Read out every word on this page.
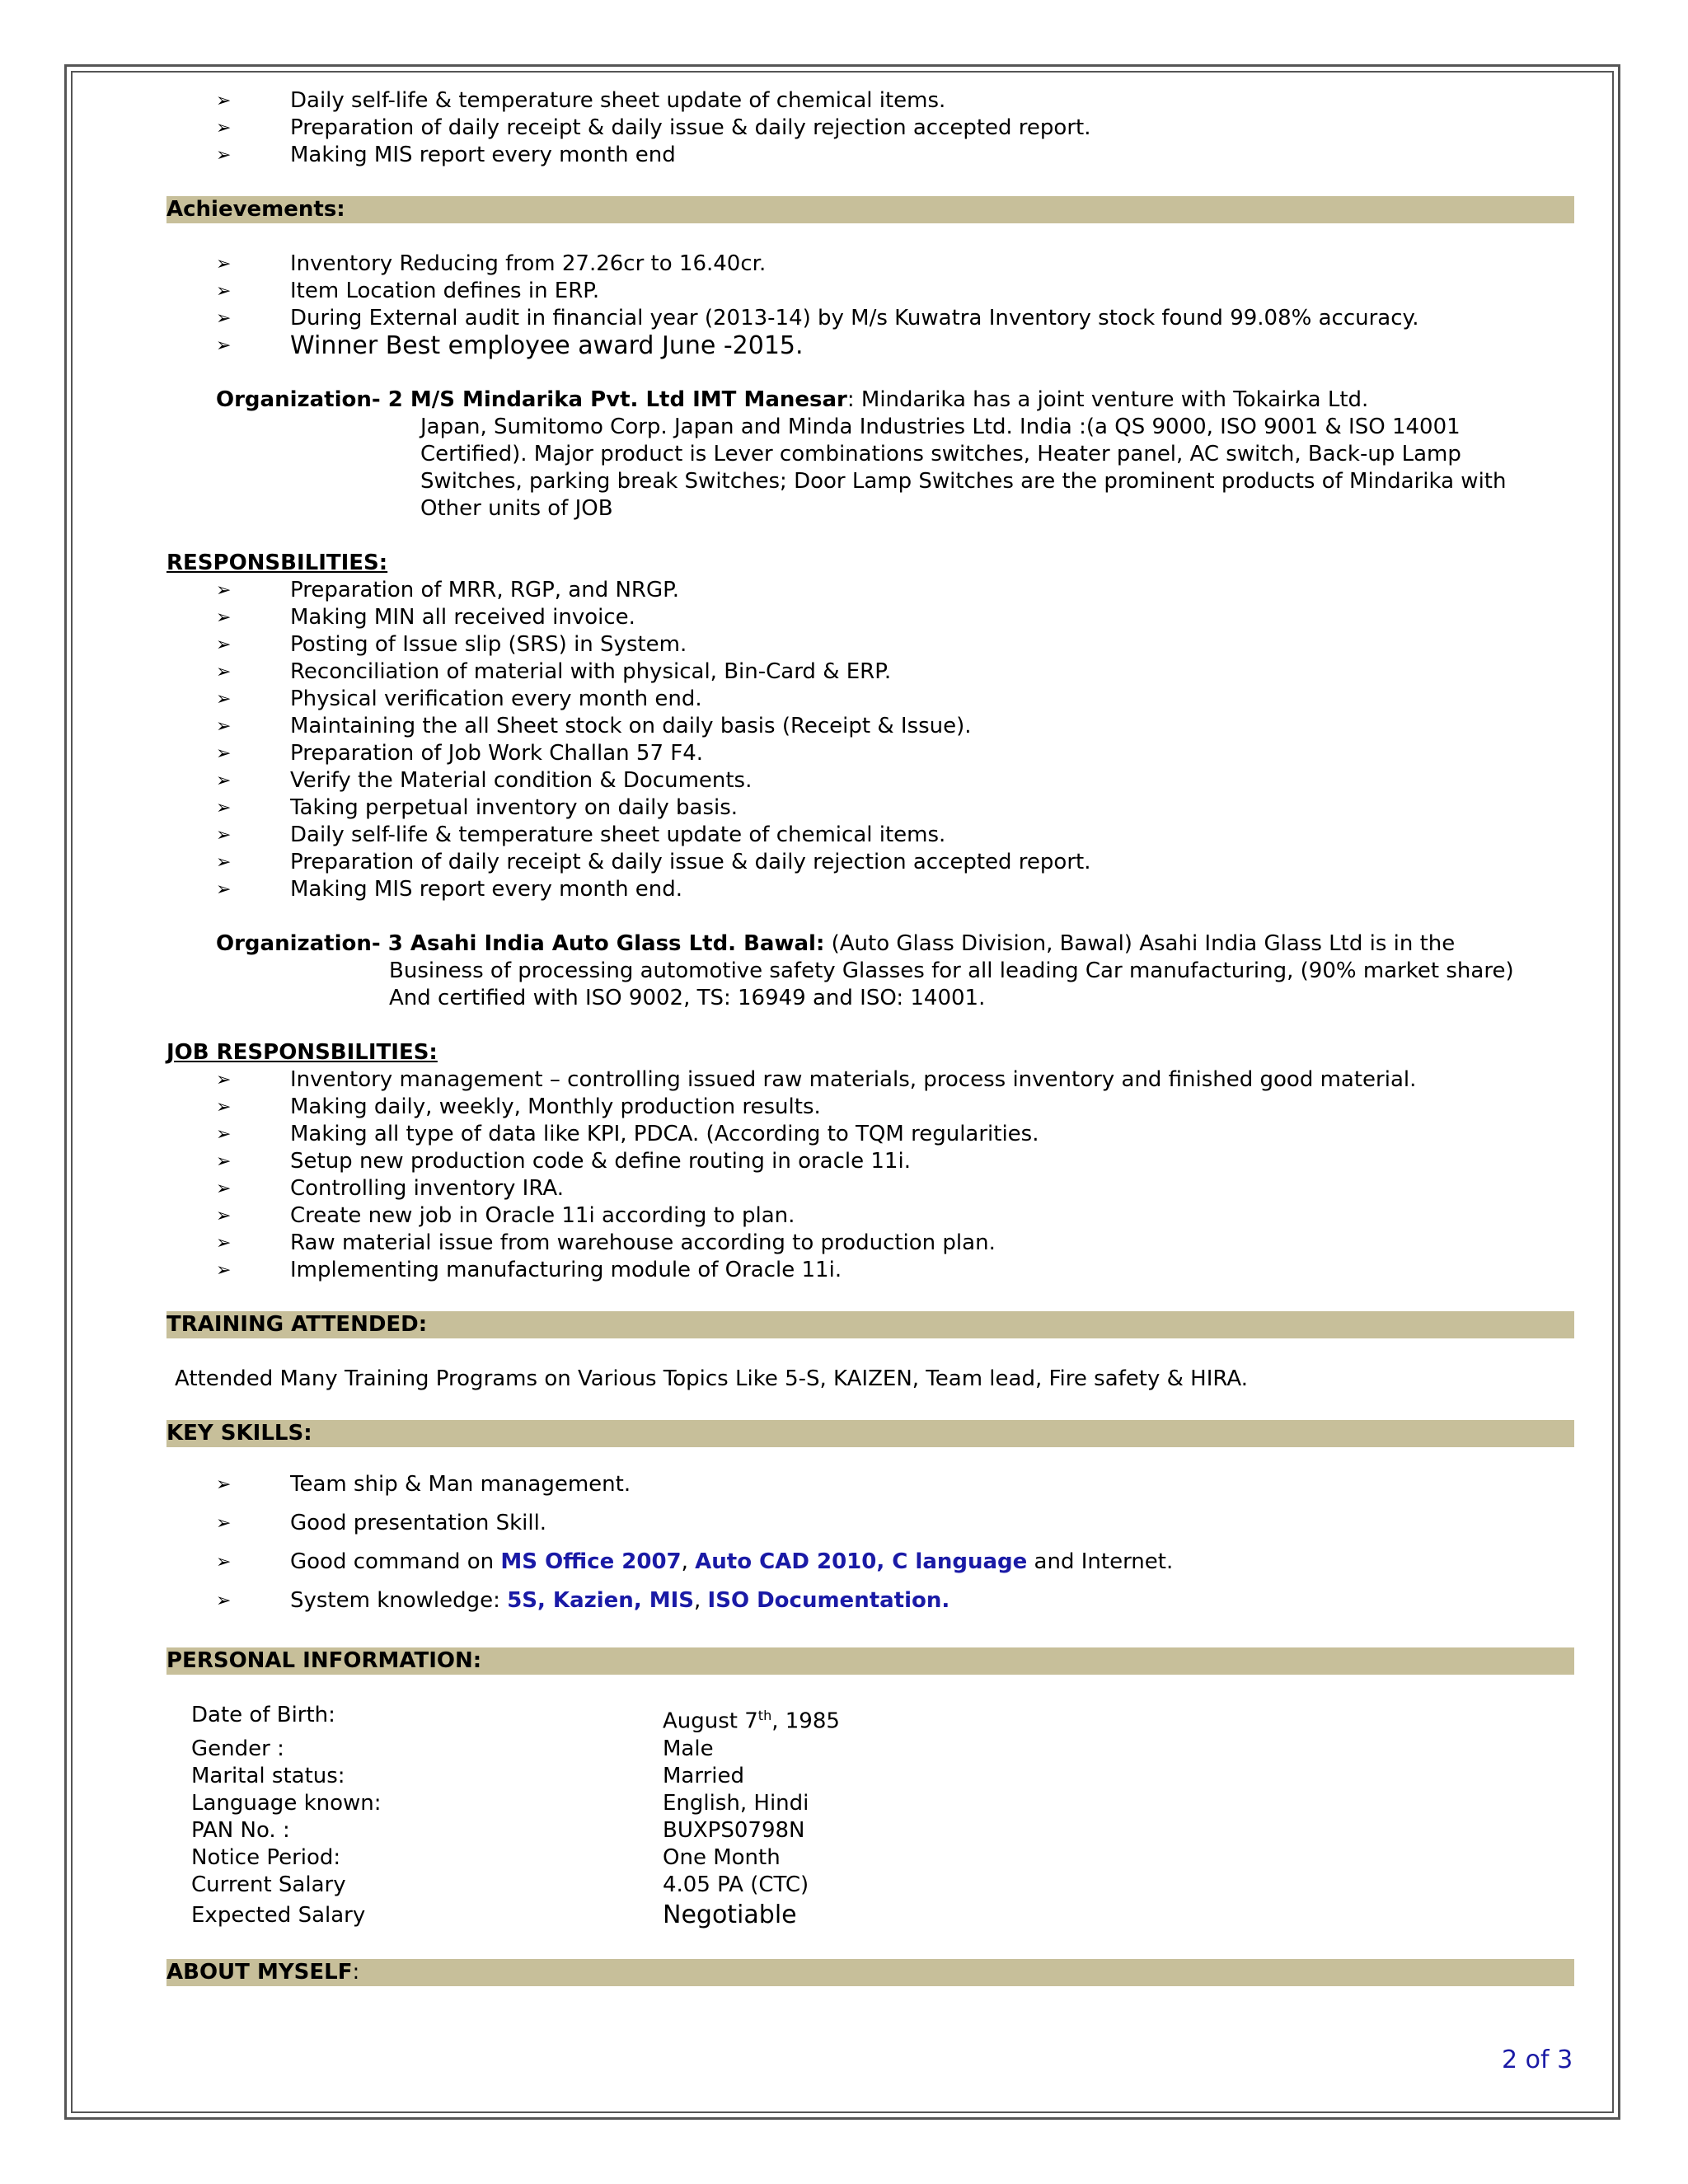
➢	Daily self-life & temperature sheet update of chemical items.
➢	Preparation of daily receipt & daily issue & daily rejection accepted report.
➢	Making MIS report every month end
Achievements:
➢	Inventory Reducing from 27.26cr to 16.40cr.
➢	Item Location defines in ERP.
➢	During External audit in financial year (2013-14) by M/s Kuwatra Inventory stock found 99.08% accuracy.
➢ Winner Best employee award June -2015.
Organization- 2 M/S Mindarika Pvt. Ltd IMT Manesar: Mindarika has a joint venture with Tokairka Ltd.
Japan, Sumitomo Corp. Japan and Minda Industries Ltd. India :(a QS 9000, ISO 9001 & ISO 14001
Certified). Major product is Lever combinations switches, Heater panel, AC switch, Back-up Lamp
Switches, parking break Switches; Door Lamp Switches are the prominent products of Mindarika with
Other units of JOB
RESPONSBILITIES:
➢	Preparation of MRR, RGP, and NRGP.
➢	Making MIN all received invoice.
➢	Posting of Issue slip (SRS) in System.
➢	Reconciliation of material with physical, Bin-Card & ERP.
➢	Physical verification every month end.
➢	Maintaining the all Sheet stock on daily basis (Receipt & Issue).
➢	Preparation of Job Work Challan 57 F4.
➢	Verify the Material condition & Documents.
➢	Taking perpetual inventory on daily basis.
➢	Daily self-life & temperature sheet update of chemical items.
➢	Preparation of daily receipt & daily issue & daily rejection accepted report.
➢	Making MIS report every month end.
Organization- 3 Asahi India Auto Glass Ltd. Bawal: (Auto Glass Division, Bawal) Asahi India Glass Ltd is in the
Business of processing automotive safety Glasses for all leading Car manufacturing, (90% market share)
And certified with ISO 9002, TS: 16949 and ISO: 14001.
JOB RESPONSBILITIES:
➢	Inventory management – controlling issued raw materials, process inventory and finished good material.
➢	Making daily, weekly, Monthly production results.
➢	Making all type of data like KPI, PDCA. (According to TQM regularities.
➢	Setup new production code & define routing in oracle 11i.
➢	Controlling inventory IRA.
➢	Create new job in Oracle 11i according to plan.
➢	Raw material issue from warehouse according to production plan.
➢	Implementing manufacturing module of Oracle 11i.
TRAINING ATTENDED:
Attended Many Training Programs on Various Topics Like 5-S, KAIZEN, Team lead, Fire safety & HIRA.
KEY SKILLS:
➢	Team ship & Man management.
➢	Good presentation Skill.
➢	Good command on MS Office 2007, Auto CAD 2010, C language and Internet.
➢	System knowledge: 5S, Kazien, MIS, ISO Documentation.
PERSONAL INFORMATION:
Date of Birth:	August 7th, 1985
Gender :	Male
Marital status:	Married
Language known:	English, Hindi
PAN No. :	BUXPS0798N
Notice Period:	One Month
Current Salary	4.05 PA (CTC)
Expected Salary	Negotiable
ABOUT MYSELF:
2 of 3
